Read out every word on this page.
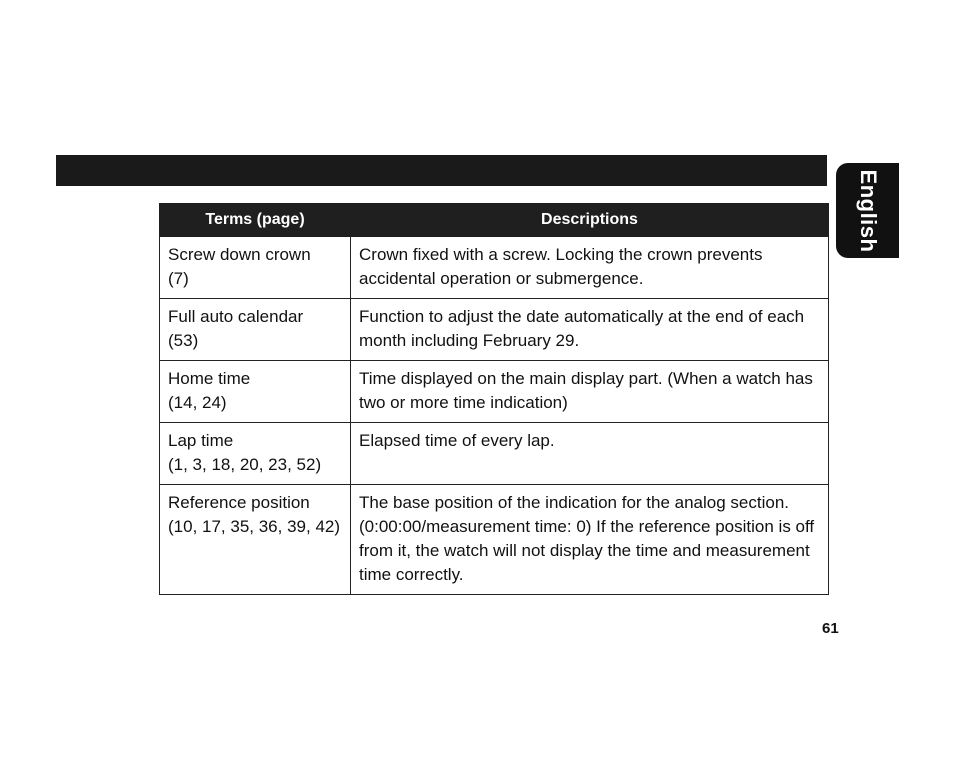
English
Terms (page)	Descriptions

Screw down crown
(7)	Crown fixed with a screw. Locking the crown prevents accidental operation or submergence.

Full auto calendar
(53)	Function to adjust the date automatically at the end of each month including February 29.

Home time
(14, 24)	Time displayed on the main display part. (When a watch has two or more time indication)

Lap time
(1, 3, 18, 20, 23, 52)	Elapsed time of every lap.

Reference position
(10, 17, 35, 36, 39, 42)	The base position of the indication for the analog section. (0:00:00/measurement time: 0) If the reference position is off from it, the watch will not display the time and measurement time correctly.
61
